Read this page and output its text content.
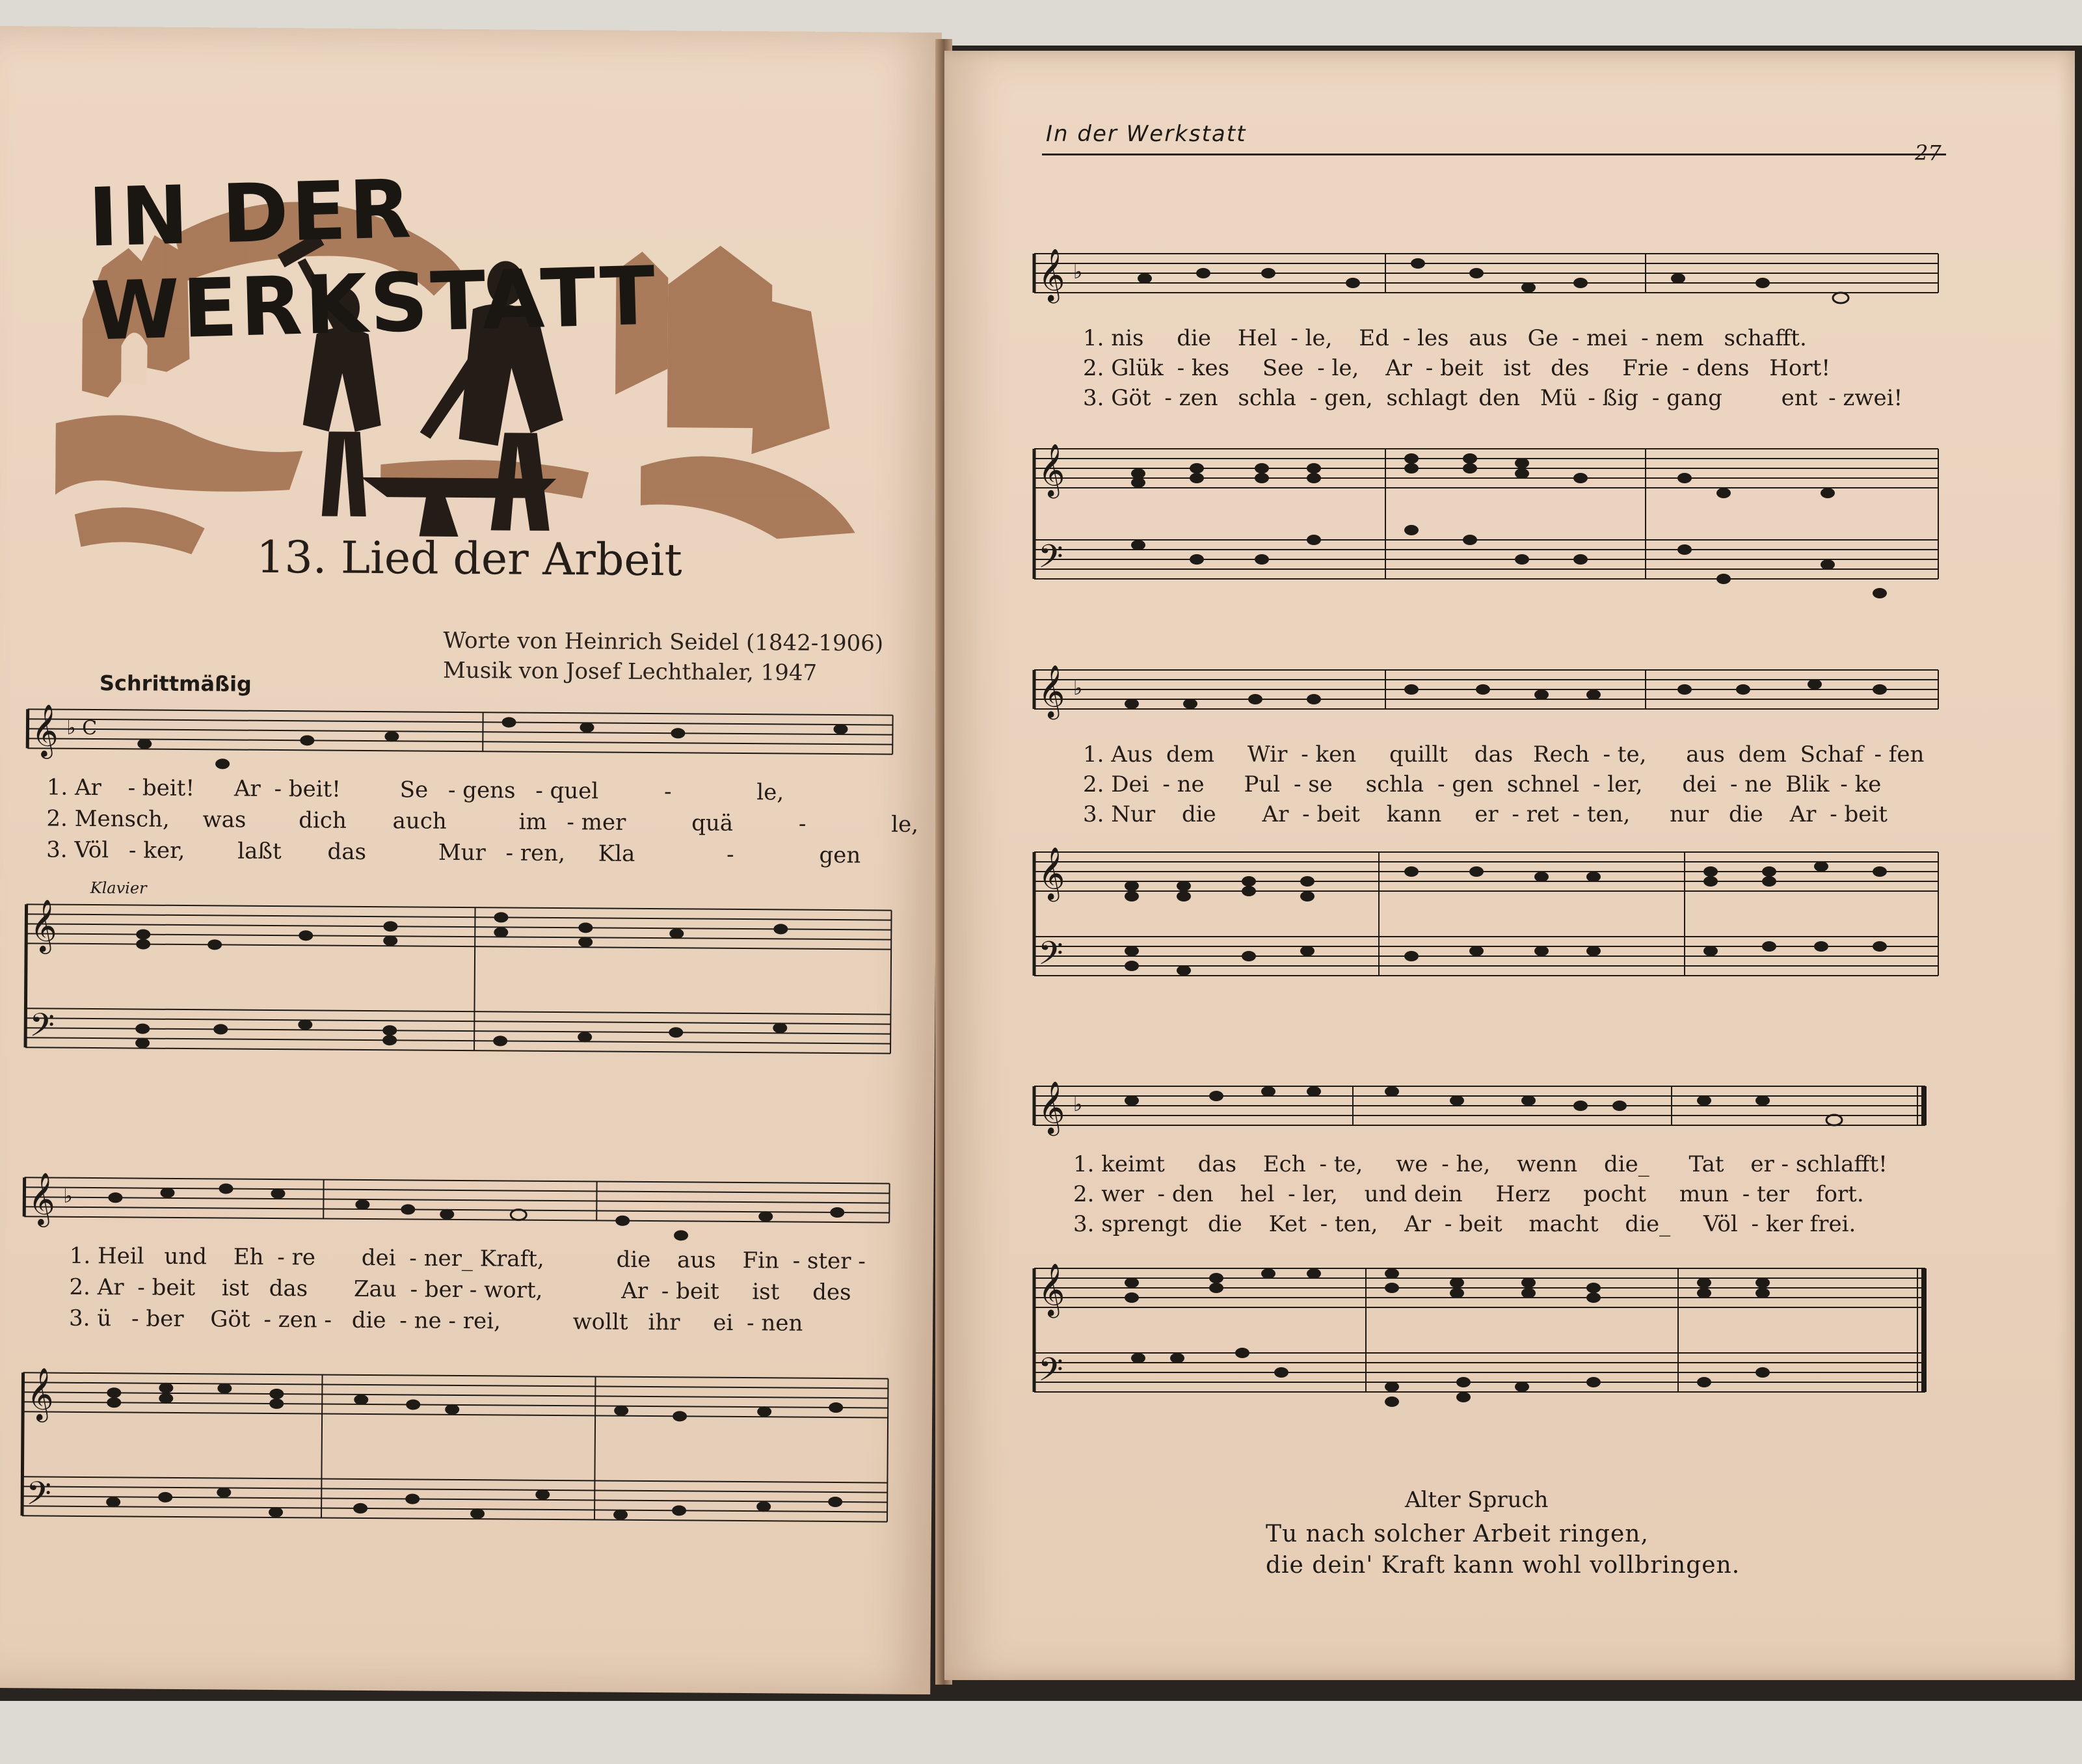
IN DER WERKSTATT
13. Lied der Arbeit
Worte von Heinrich Seidel (1842-1906)
Musik von Josef Lechthaler, 1947
Schrittmäßig
𝄞 ♭ C
1. Ar - beit! Ar - beit!	Se - gens - quel	-	le,
2. Mensch, was dich auch	im - mer	quä	-	le,
3. Völ - ker, laßt das	Mur - ren, Kla	-	gen
Klavier
𝄞
𝄢
𝄞 ♭
1. Heil und Eh - re dei - ner_ Kraft,	die aus Fin - ster -
2. Ar - beit ist das Zau - ber - wort,	Ar - beit ist des
3. ü - ber Göt - zen - die - ne - rei,	wollt ihr ei - nen
𝄞
𝄢
In der Werkstatt
27
𝄞 ♭
1. nis die Hel - le, Ed - les aus Ge - mei - nem schafft.
2. Glük - kes See - le, Ar - beit ist des Frie - dens Hort!
3. Göt - zen schla - gen, schlagt den Mü - ßig - gang	ent - zwei!
𝄞
𝄢
𝄞 ♭
1. Aus dem Wir - ken quillt das Rech - te, aus dem Schaf - fen
2. Dei - ne Pul - se schla - gen schnel - ler, dei - ne Blik - ke
3. Nur die Ar - beit kann er - ret - ten, nur die Ar - beit
𝄞
𝄢
𝄞 ♭
1. keimt das Ech - te, we - he, wenn die_ Tat er - schlafft!
2. wer - den hel - ler, und dein Herz pocht mun - ter fort.
3. sprengt die Ket - ten, Ar - beit macht die_ Völ - ker frei.
𝄞
𝄢
Alter Spruch
Tu nach solcher Arbeit ringen,
die dein' Kraft kann wohl vollbringen.
